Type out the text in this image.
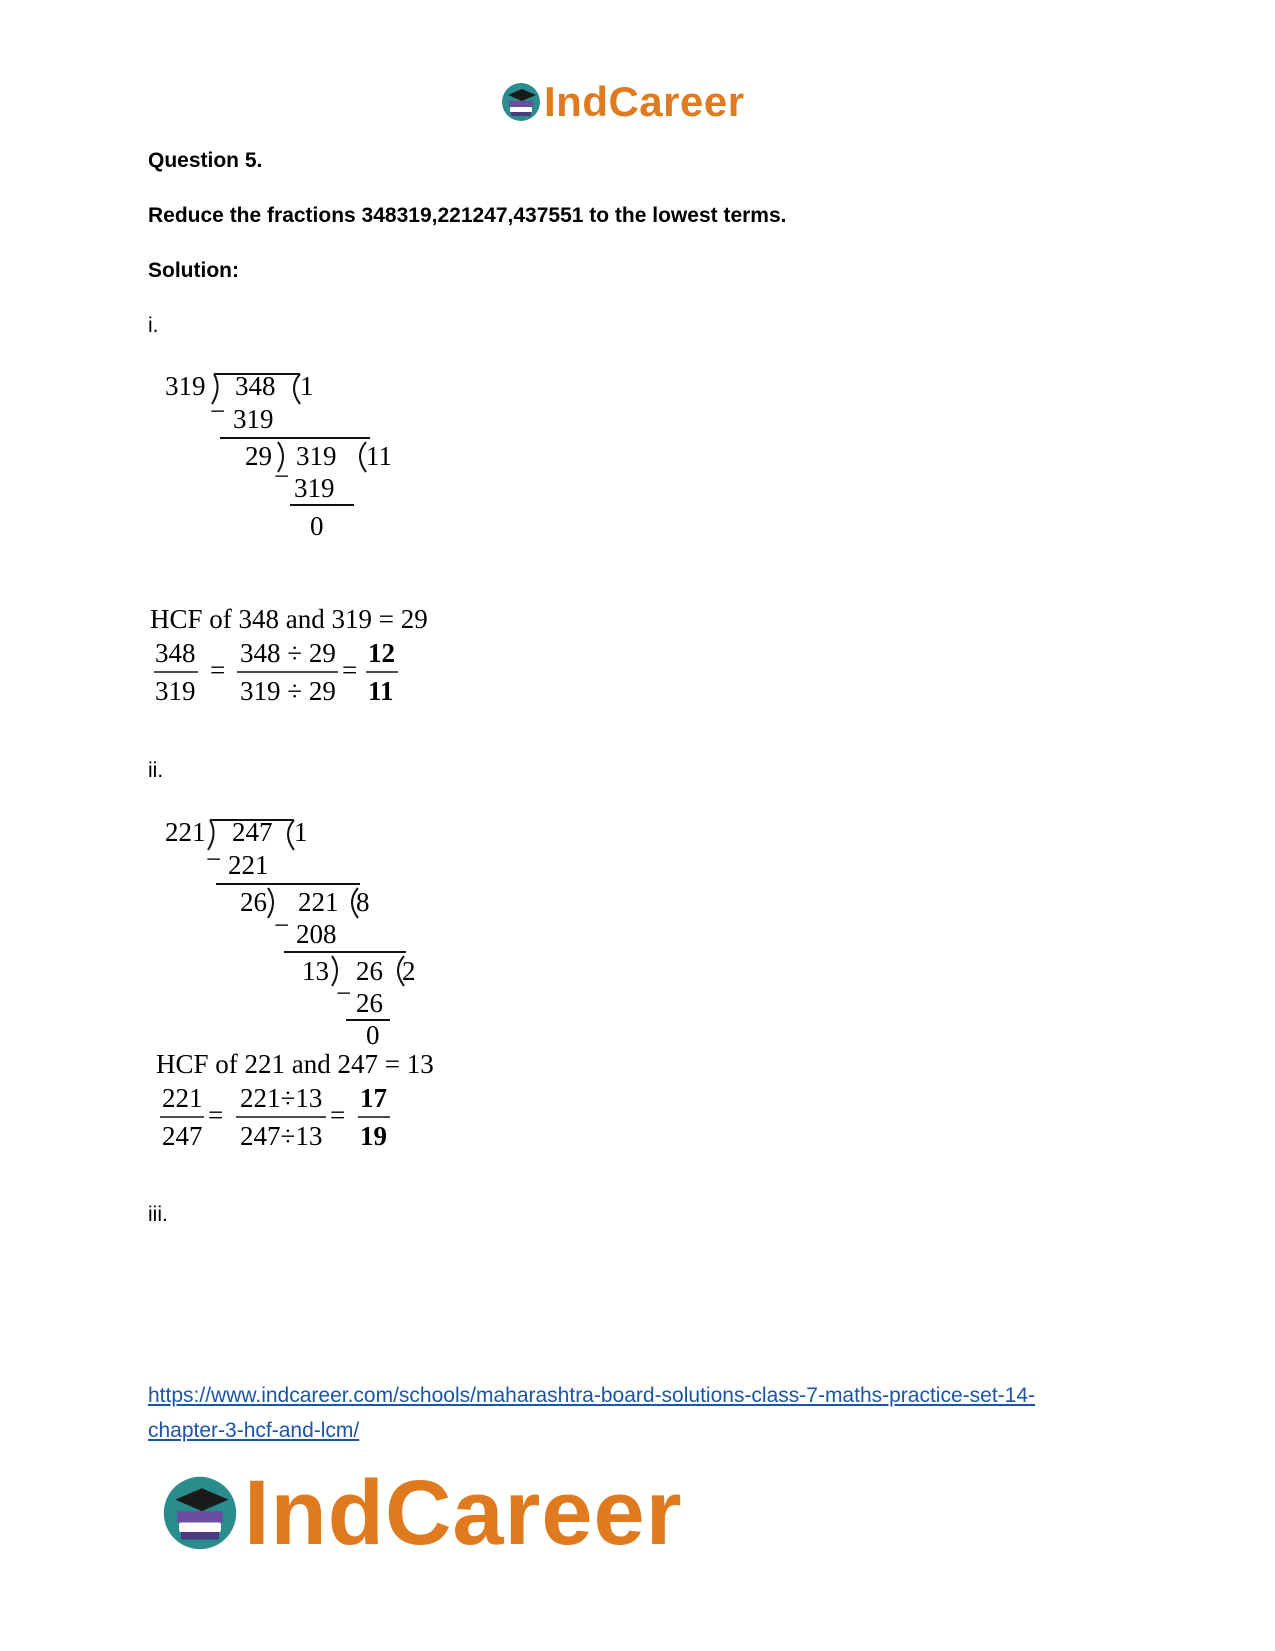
IndCareer
Question 5.
Reduce the fractions 348319,221247,437551 to the lowest terms.
Solution:
i.
319 348 1
− 319
29 319 11
− 319
0
HCF of 348 and 319 = 29
348
319
=
348 ÷ 29
319 ÷ 29
=
12
11
ii.
221 247 1
− 221
26 221 8
− 208
13 26 2
− 26
0
HCF of 221 and 247 = 13
221
247
=
221÷13
247÷13
=
17
19
iii.
https://www.indcareer.com/schools/maharashtra-board-solutions-class-7-maths-practice-set-14-
chapter-3-hcf-and-lcm/
IndCareer
